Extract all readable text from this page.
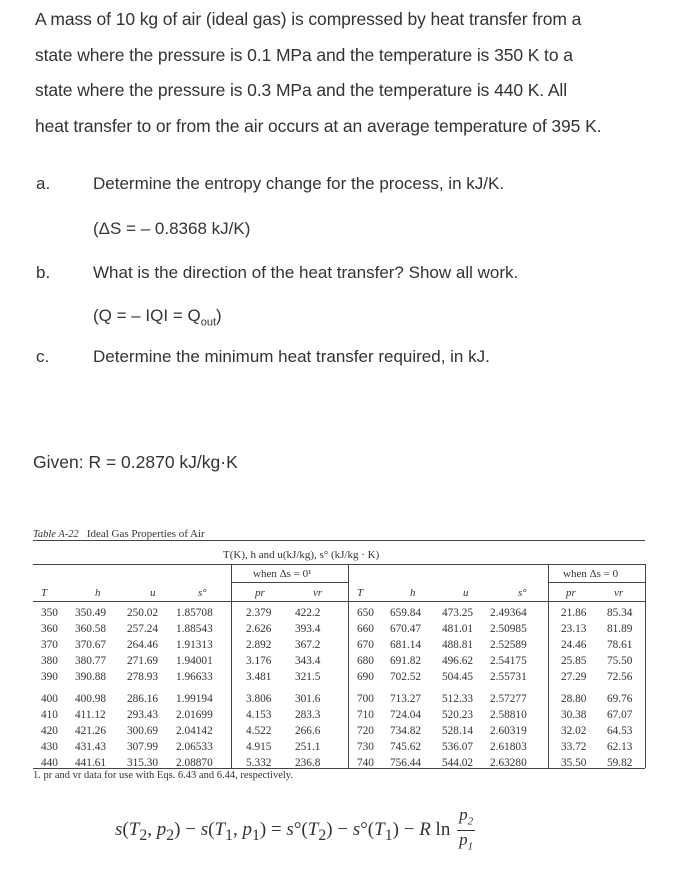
A mass of 10 kg of air (ideal gas) is compressed by heat transfer from a

state where the pressure is 0.1 MPa and the temperature is 350 K to a

state where the pressure is 0.3 MPa and the temperature is 440 K. All

heat transfer to or from the air occurs at an average temperature of 395 K.

a.	Determine the entropy change for the process, in kJ/K.
(ΔS = – 0.8368 kJ/K)
b.	What is the direction of the heat transfer? Show all work.
(Q = – IQI = $Q_{out}$)
c.	Determine the minimum heat transfer required, in kJ.
Given: R = 0.2870 kJ/kg·K
Table A-22 Ideal Gas Properties of Air
T(K), h and u(kJ/kg), s° (kJ/kg · K)
when Δs = 0¹	when Δs = 0
T	h	u	s°	pr	vr	T	h	u	s°	pr	vr
350 350.49 250.02 1.85708	2.379 422.2	650 659.84 473.25 2.49364	21.86 85.34
360 360.58 257.24 1.88543	2.626 393.4	660 670.47 481.01 2.50985	23.13 81.89
370 370.67 264.46 1.91313	2.892 367.2	670 681.14 488.81 2.52589	24.46 78.61
380 380.77 271.69 1.94001	3.176 343.4	680 691.82 496.62 2.54175	25.85 75.50
390 390.88 278.93 1.96633	3.481 321.5	690 702.52 504.45 2.55731	27.29 72.56
400 400.98 286.16 1.99194	3.806 301.6	700 713.27 512.33 2.57277	28.80 69.76
410 411.12 293.43 2.01699	4.153 283.3	710 724.04 520.23 2.58810	30.38 67.07
420 421.26 300.69 2.04142	4.522 266.6	720 734.82 528.14 2.60319	32.02 64.53
430 431.43 307.99 2.06533	4.915 251.1	730 745.62 536.07 2.61803	33.72 62.13
440 441.61 315.30 2.08870	5.332 236.8	740 756.44 544.02 2.63280	35.50 59.82
1. pr and vr data for use with Eqs. 6.43 and 6.44, respectively.
$s(T_2$, $p_2) - s(T_1$, $p_1) = s^\circ(T_2) - s^\circ(T_1) - R$ $\ln \frac{p_2}{p_1}$
